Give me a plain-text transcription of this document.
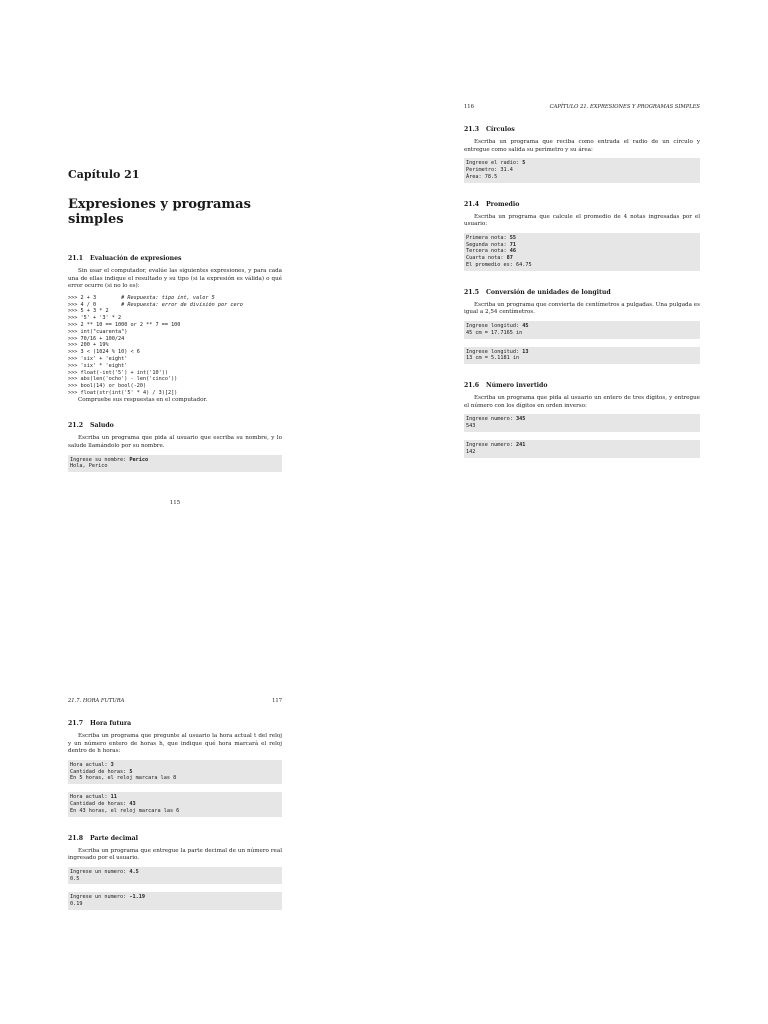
Capítulo 21
Expresiones y programas simples
21.1	Evaluación de expresiones

Sin usar el computador, evalúe las siguientes expresiones, y para cada una de ellas indique el resultado y su tipo (si la expresión es válida) o qué error ocurre (si no lo es):

>>> 2 + 3        # Respuesta: tipo int, valor 5
>>> 4 / 0        # Respuesta: error de división por cero
>>> 5 + 3 * 2
>>> '5' + '3' * 2
>>> 2 ** 10 == 1000 or 2 ** 7 == 100
>>> int("cuarenta")
>>> 70/16 + 100/24
>>> 200 + 19%
>>> 3 < (1024 % 10) < 6
>>> 'six' + 'eight'
>>> 'six' * 'eight'
>>> float(-int('5') + int('10'))
>>> abs(len('ocho') - len('cinco'))
>>> bool(14) or bool(-20)
>>> float(str(int('5' * 4) / 3)[2])

Compruebe sus respuestas en el computador.

21.2	Saludo

Escriba un programa que pida al usuario que escriba su nombre, y lo salude llamándolo por su nombre.

Ingrese su nombre: Perico
Hola, Perico
115
116	CAPÍTULO 21. EXPRESIONES Y PROGRAMAS SIMPLES
21.3	Círculos

Escriba un programa que reciba como entrada el radio de un círculo y entregue como salida su perímetro y su área:

Ingrese el radio: 5
Perimetro: 31.4
Área: 78.5
21.4	Promedio

Escriba un programa que calcule el promedio de 4 notas ingresadas por el usuario:

Primera nota: 55
Segunda nota: 71
Tercera nota: 46
Cuarta nota: 87
El promedio es: 64.75
21.5	Conversión de unidades de longitud

Escriba un programa que convierta de centímetros a pulgadas. Una pulgada es igual a 2,54 centímetros.

Ingrese longitud: 45
45 cm = 17.7165 in
Ingrese longitud: 13
13 cm = 5.1181 in
21.6	Número invertido

Escriba un programa que pida al usuario un entero de tres dígitos, y entregue el número con los dígitos en orden inverso:

Ingrese numero: 345
543
Ingrese numero: 241
142
21.7. HORA FUTURA	117
21.7	Hora futura

Escriba un programa que pregunte al usuario la hora actual t del reloj y un número entero de horas h, que indique qué hora marcará el reloj dentro de h horas:

Hora actual: 3
Cantidad de horas: 5
En 5 horas, el reloj marcara las 8
Hora actual: 11
Cantidad de horas: 43
En 43 horas, el reloj marcara las 6
21.8	Parte decimal

Escriba un programa que entregue la parte decimal de un número real ingresado por el usuario.

Ingrese un numero: 4.5
0.5
Ingrese un numero: -1.19
0.19
